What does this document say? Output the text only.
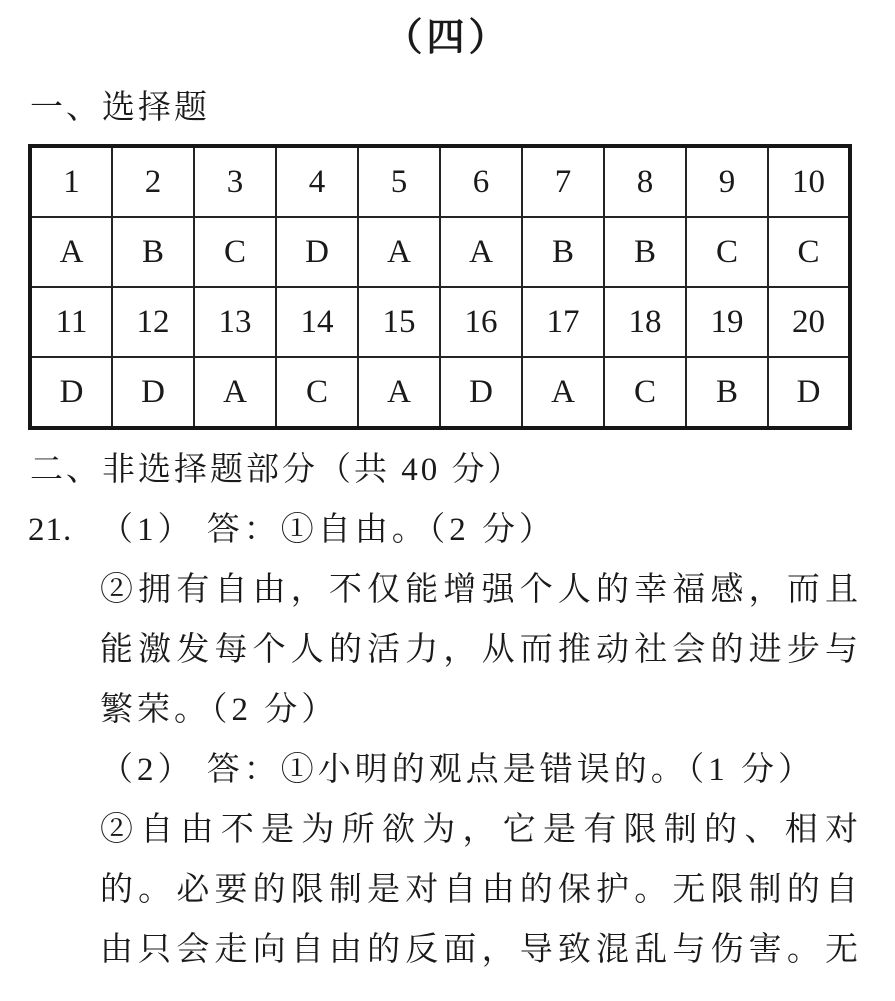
（四）
一、选择题
1	2	3	4	5	6	7	8	9	10
A	B	C	D	A	A	B	B	C	C
11	12	13	14	15	16	17	18	19	20
D	D	A	C	A	D	A	C	B	D
二、非选择题部分（共 40 分）
21. （1） 答：①自由。（2 分）
②拥有自由，不仅能增强个人的幸福感，而且
能激发每个人的活力，从而推动社会的进步与
繁荣。（2 分）
（2） 答：①小明的观点是错误的。（1 分）
②自由不是为所欲为，它是有限制的、相对
的。必要的限制是对自由的保护。无限制的自
由只会走向自由的反面，导致混乱与伤害。无
